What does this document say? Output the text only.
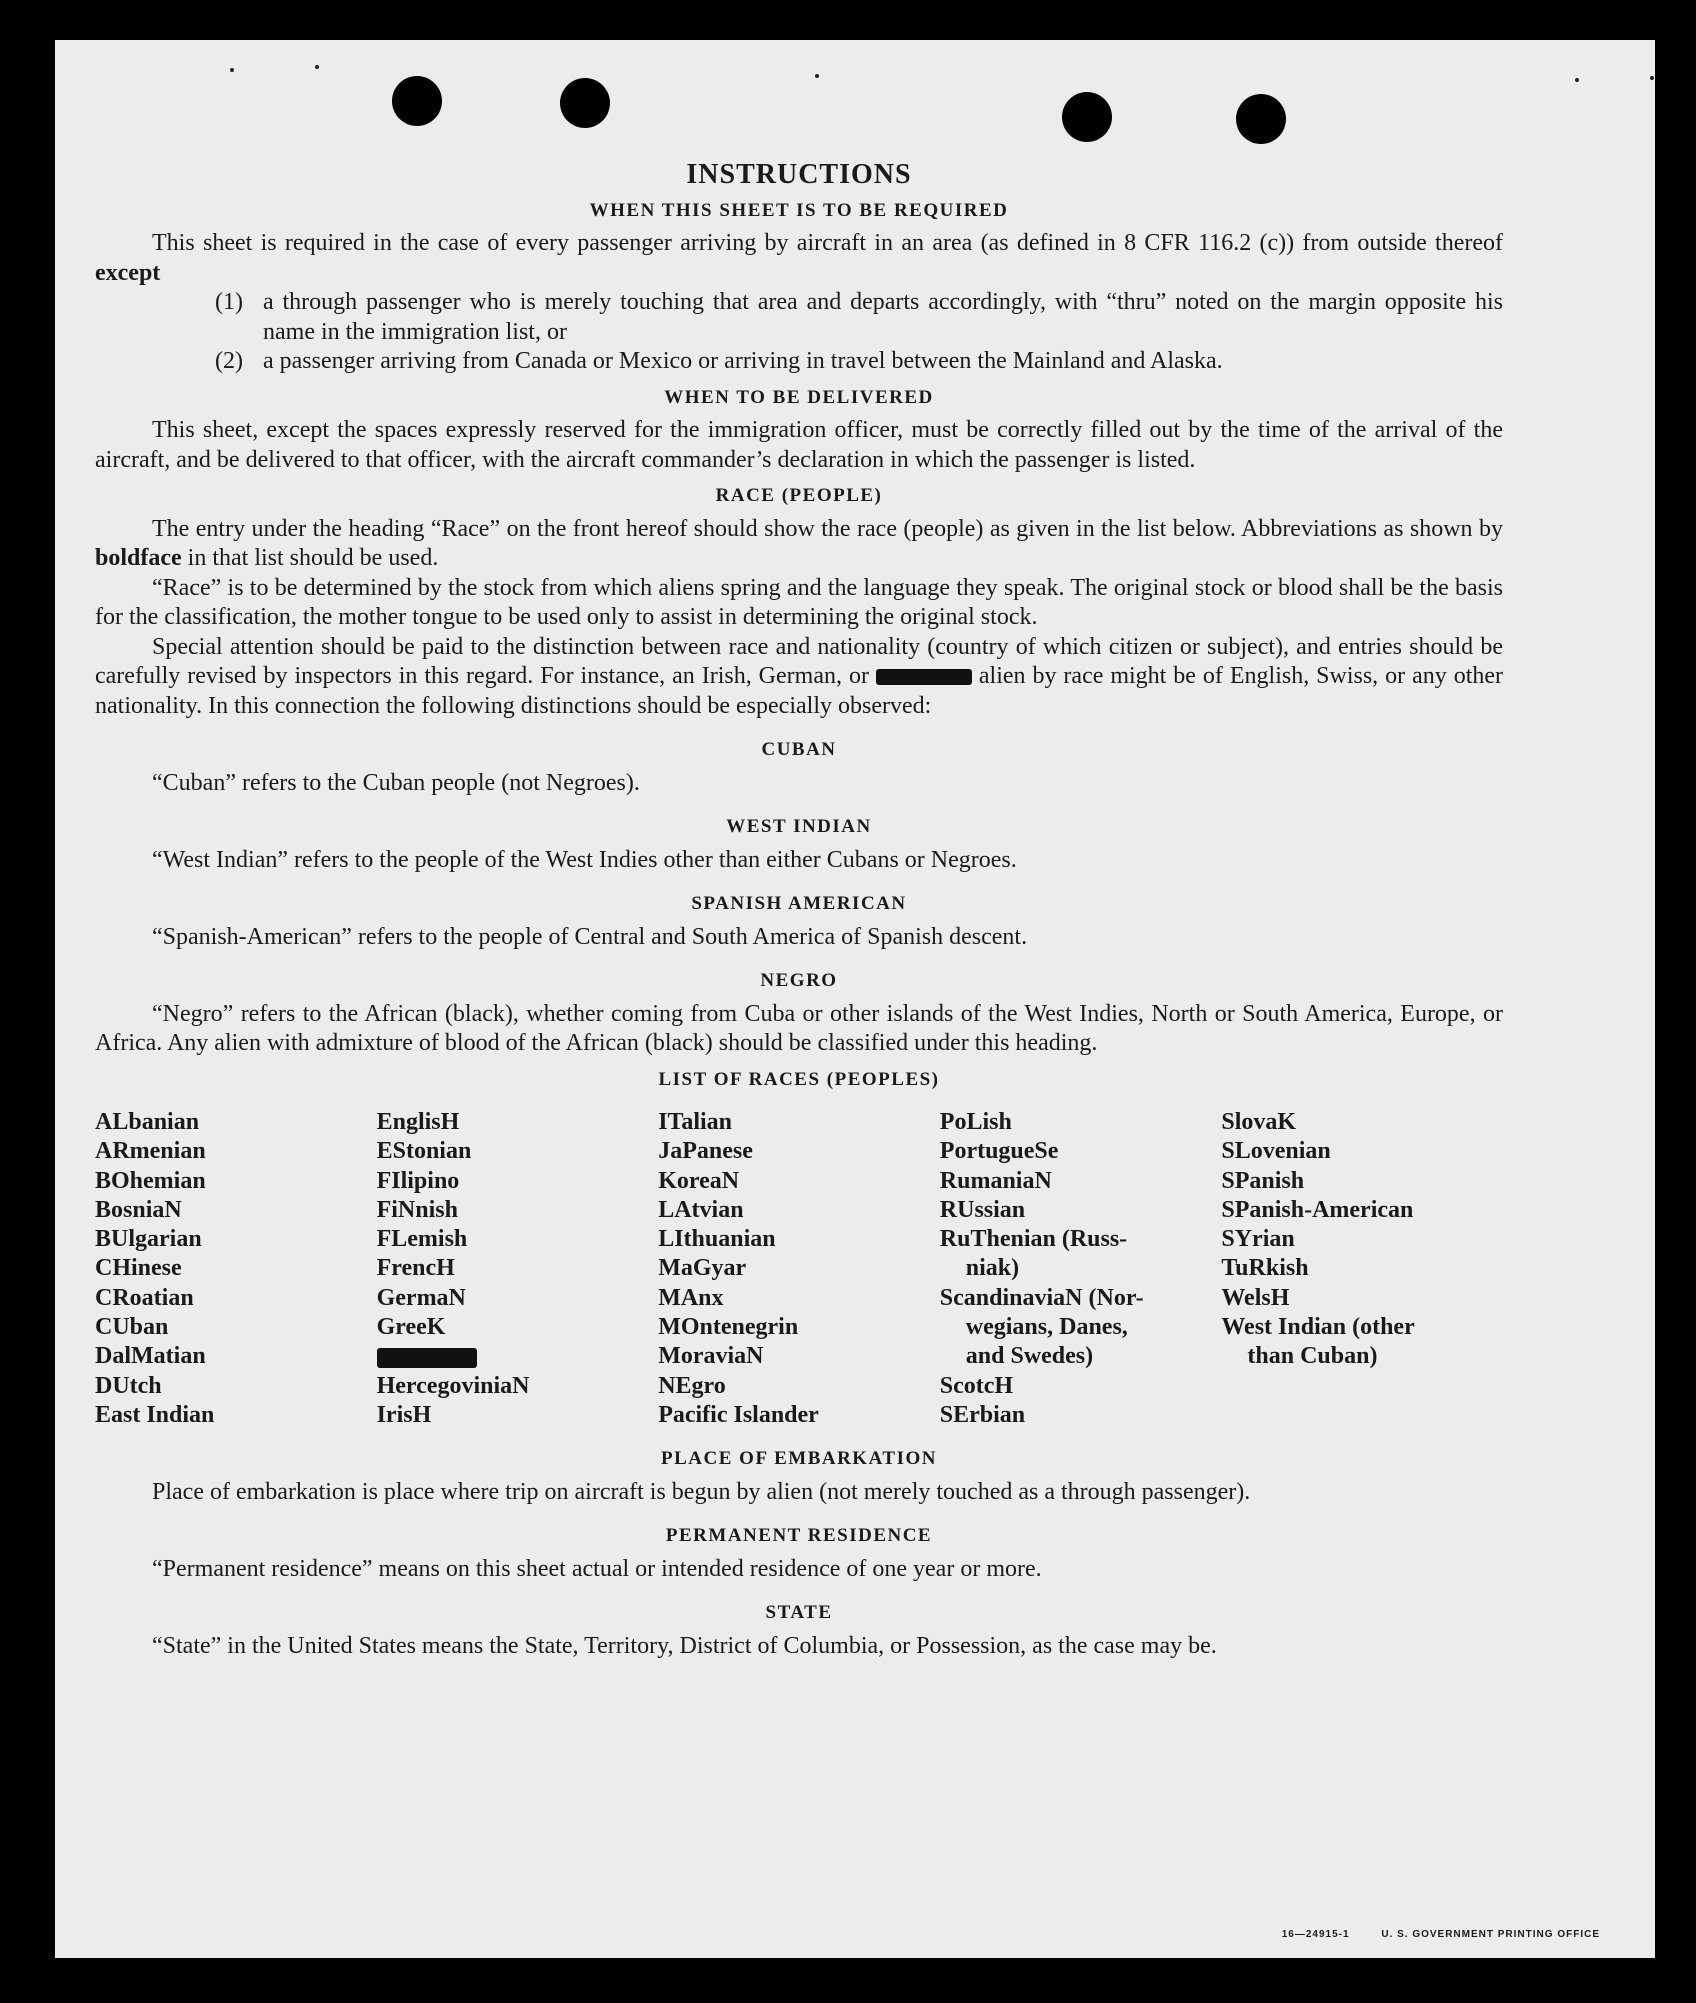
INSTRUCTIONS
WHEN THIS SHEET IS TO BE REQUIRED

This sheet is required in the case of every passenger arriving by aircraft in an area (as defined in 8 CFR 116.2 (c)) from outside thereof except

(1) a through passenger who is merely touching that area and departs accordingly, with “thru” noted on the margin opposite his name in the immigration list, or
(2) a passenger arriving from Canada or Mexico or arriving in travel between the Mainland and Alaska.
WHEN TO BE DELIVERED

This sheet, except the spaces expressly reserved for the immigration officer, must be correctly filled out by the time of the arrival of the aircraft, and be delivered to that officer, with the aircraft commander’s declaration in which the passenger is listed.

RACE (PEOPLE)

The entry under the heading “Race” on the front hereof should show the race (people) as given in the list below. Abbreviations as shown by boldface in that list should be used.

“Race” is to be determined by the stock from which aliens spring and the language they speak. The original stock or blood shall be the basis for the classification, the mother tongue to be used only to assist in determining the original stock.

Special attention should be paid to the distinction between race and nationality (country of which citizen or subject), and entries should be carefully revised by inspectors in this regard. For instance, an Irish, German, or	alien by race might be of English, Swiss, or any other nationality. In this connection the following distinctions should be especially observed:

CUBAN

“Cuban” refers to the Cuban people (not Negroes).

WEST INDIAN

“West Indian” refers to the people of the West Indies other than either Cubans or Negroes.

SPANISH AMERICAN

“Spanish-American” refers to the people of Central and South America of Spanish descent.

NEGRO

“Negro” refers to the African (black), whether coming from Cuba or other islands of the West Indies, North or South America, Europe, or Africa. Any alien with admixture of blood of the African (black) should be classified under this heading.

LIST OF RACES (PEOPLES)
ALbanian
ARmenian
BOhemian
BosniaN
BUlgarian
CHinese
CRoatian
CUban
DalMatian
DUtch
East Indian
EnglisH
EStonian
FIlipino
FiNnish
FLemish
FrencH
GermaN
GreeK
HercegoviniaN
IrisH
ITalian
JaPanese
KoreaN
LAtvian
LIthuanian
MaGyar
MAnx
MOntenegrin
MoraviaN
NEgro
Pacific Islander
PoLish
PortugueSe
RumaniaN
RUssian
RuThenian (Russ-
niak)
ScandinaviaN (Nor-
wegians, Danes,
and Swedes)
ScotcH
SErbian
SlovaK
SLovenian
SPanish
SPanish-American
SYrian
TuRkish
WelsH
West Indian (other
than Cuban)
PLACE OF EMBARKATION

Place of embarkation is place where trip on aircraft is begun by alien (not merely touched as a through passenger).

PERMANENT RESIDENCE

“Permanent residence” means on this sheet actual or intended residence of one year or more.

STATE

“State” in the United States means the State, Territory, District of Columbia, or Possession, as the case may be.

16—24915-1	U. S. GOVERNMENT PRINTING OFFICE
